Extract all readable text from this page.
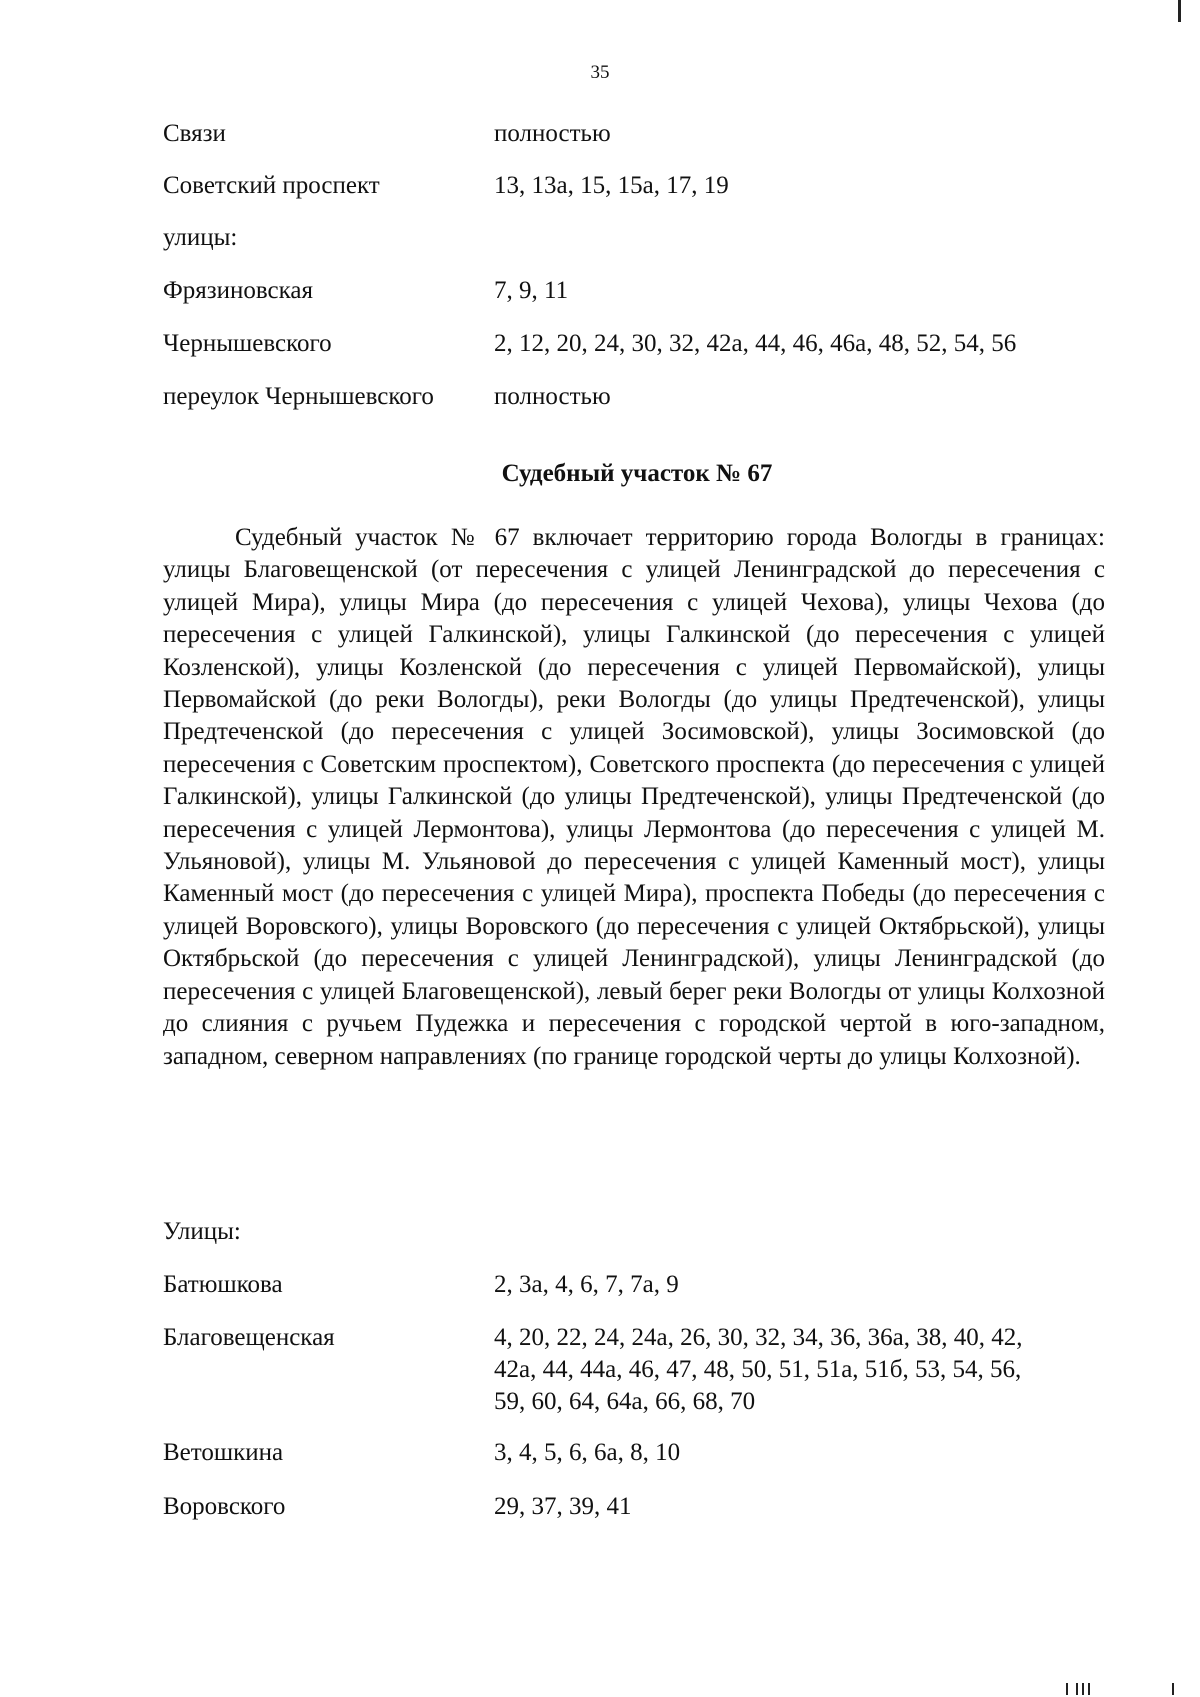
35
Связи	полностью
Советский проспект	13, 13а, 15, 15а, 17, 19
улицы:
Фрязиновская	7, 9, 11
Чернышевского	2, 12, 20, 24, 30, 32, 42а, 44, 46, 46а, 48, 52, 54, 56
переулок Чернышевского полностью
Судебный участок № 67

Судебный участок № 67 включает территорию города Вологды в границах: улицы Благовещенской (от пересечения с улицей Ленинградской до пересечения с улицей Мира), улицы Мира (до пересечения с улицей Чехова), улицы Чехова (до пересечения с улицей Галкинской), улицы Галкинской (до пересечения с улицей Козленской), улицы Козленской (до пересечения с улицей Первомайской), улицы Первомайской (до реки Вологды), реки Вологды (до улицы Предтеченской), улицы Предтеченской (до пересечения с улицей Зосимовской), улицы Зосимовской (до пересечения с Советским проспектом), Советского проспекта (до пересечения с улицей Галкинской), улицы Галкинской (до улицы Предтеченской), улицы Предтеченской (до пересечения с улицей Лермонтова), улицы Лермонтова (до пересечения с улицей М. Ульяновой), улицы М. Ульяновой до пересечения с улицей Каменный мост), улицы Каменный мост (до пересечения с улицей Мира), проспекта Победы (до пересечения с улицей Воровского), улицы Воровского (до пересечения с улицей Октябрьской), улицы Октябрьской (до пересечения с улицей Ленинградской), улицы Ленинградской (до пересечения с улицей Благовещенской), левый берег реки Вологды от улицы Колхозной до слияния с ручьем Пудежка и пересечения с городской чертой в юго-западном, западном, северном направлениях (по границе городской черты до улицы Колхозной).

Улицы:
Батюшкова	2, 3а, 4, 6, 7, 7а, 9
Благовещенская	4, 20, 22, 24, 24а, 26, 30, 32, 34, 36, 36а, 38, 40, 42,
42а, 44, 44а, 46, 47, 48, 50, 51, 51а, 51б, 53, 54, 56,
59, 60, 64, 64а, 66, 68, 70
Ветошкина	3, 4, 5, 6, 6а, 8, 10
Воровского	29, 37, 39, 41
